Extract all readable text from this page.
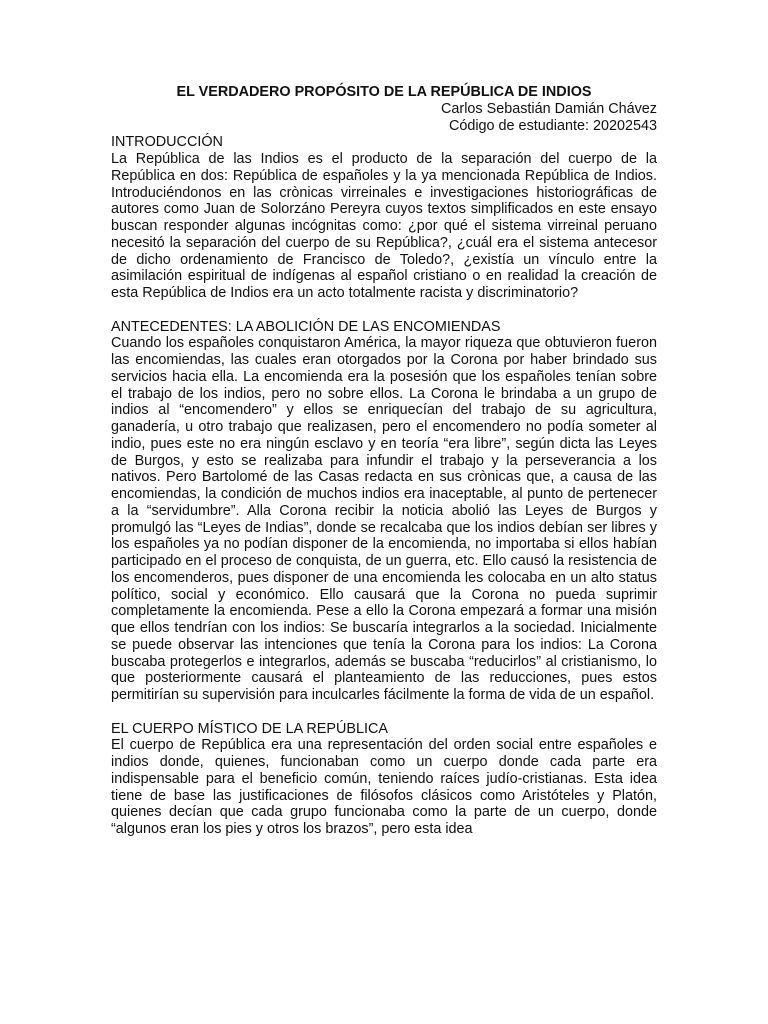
EL VERDADERO PROPÓSITO DE LA REPÚBLICA DE INDIOS

Carlos Sebastián Damián Chávez

Código de estudiante: 20202543

INTRODUCCIÓN

La República de las Indios es el producto de la separación del cuerpo de la República en dos: República de españoles y la ya mencionada República de Indios. Introduciéndonos en las crònicas virreinales e investigaciones historiográficas de autores como Juan de Solorzáno Pereyra cuyos textos simplificados en este ensayo buscan responder algunas incógnitas como: ¿por qué el sistema virreinal peruano necesitó la separación del cuerpo de su República?, ¿cuál era el sistema antecesor de dicho ordenamiento de Francisco de Toledo?, ¿existía un vínculo entre la asimilación espiritual de indígenas al español cristiano o en realidad la creación de esta República de Indios era un acto totalmente racista y discriminatorio?

ANTECEDENTES: LA ABOLICIÓN DE LAS ENCOMIENDAS

Cuando los españoles conquistaron América, la mayor riqueza que obtuvieron fueron las encomiendas, las cuales eran otorgados por la Corona por haber brindado sus servicios hacia ella. La encomienda era la posesión que los españoles tenían sobre el trabajo de los indios, pero no sobre ellos. La Corona le brindaba a un grupo de indios al “encomendero” y ellos se enriquecían del trabajo de su agricultura, ganadería, u otro trabajo que realizasen, pero el encomendero no podía someter al indio, pues este no era ningún esclavo y en teoría “era libre”, según dicta las Leyes de Burgos, y esto se realizaba para infundir el trabajo y la perseverancia a los nativos. Pero Bartolomé de las Casas redacta en sus crònicas que, a causa de las encomiendas, la condición de muchos indios era inaceptable, al punto de pertenecer a la “servidumbre”. Alla Corona recibir la noticia abolió las Leyes de Burgos y promulgó las “Leyes de Indias”, donde se recalcaba que los indios debían ser libres y los españoles ya no podían disponer de la encomienda, no importaba si ellos habían participado en el proceso de conquista, de un guerra, etc. Ello causó la resistencia de los encomenderos, pues disponer de una encomienda les colocaba en un alto status político, social y económico. Ello causará que la Corona no pueda suprimir completamente la encomienda. Pese a ello la Corona empezará a formar una misión que ellos tendrían con los indios: Se buscaría integrarlos a la sociedad. Inicialmente se puede observar las intenciones que tenía la Corona para los indios: La Corona buscaba protegerlos e integrarlos, además se buscaba “reducirlos” al cristianismo, lo que posteriormente causará el planteamiento de las reducciones, pues estos permitirían su supervisión para inculcarles fácilmente la forma de vida de un español.

EL CUERPO MÍSTICO DE LA REPÚBLICA

El cuerpo de República era una representación del orden social entre españoles e indios donde, quienes, funcionaban como un cuerpo donde cada parte era indispensable para el beneficio común, teniendo raíces judío-cristianas. Esta idea tiene de base las justificaciones de filósofos clásicos como Aristóteles y Platón, quienes decían que cada grupo funcionaba como la parte de un cuerpo, donde “algunos eran los pies y otros los brazos”, pero esta idea
